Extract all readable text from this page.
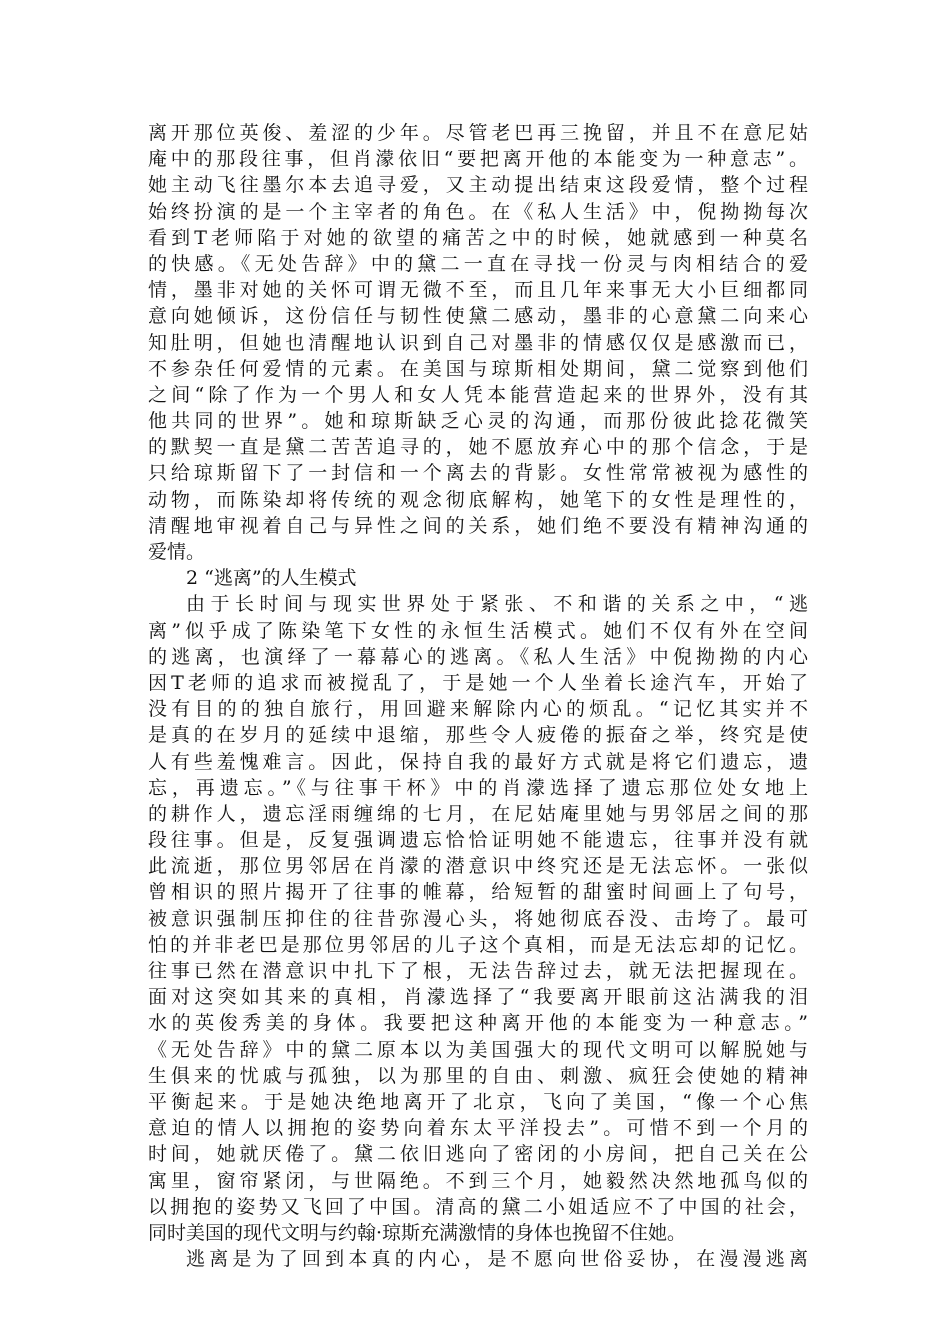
离开那位英俊、羞涩的少年。尽管老巴再三挽留，并且不在意尼姑
庵中的那段往事，但肖濛依旧“要把离开他的本能变为一种意志”。
她主动飞往墨尔本去追寻爱，又主动提出结束这段爱情，整个过程
始终扮演的是一个主宰者的角色。在《私人生活》中，倪拗拗每次
看到T老师陷于对她的欲望的痛苦之中的时候，她就感到一种莫名
的快感。《无处告辞》中的黛二一直在寻找一份灵与肉相结合的爱
情，墨非对她的关怀可谓无微不至，而且几年来事无大小巨细都同
意向她倾诉，这份信任与韧性使黛二感动，墨非的心意黛二向来心
知肚明，但她也清醒地认识到自己对墨非的情感仅仅是感激而已，
不参杂任何爱情的元素。在美国与琼斯相处期间，黛二觉察到他们
之间“除了作为一个男人和女人凭本能营造起来的世界外，没有其
他共同的世界”。她和琼斯缺乏心灵的沟通，而那份彼此捻花微笑
的默契一直是黛二苦苦追寻的，她不愿放弃心中的那个信念，于是
只给琼斯留下了一封信和一个离去的背影。女性常常被视为感性的
动物，而陈染却将传统的观念彻底解构，她笔下的女性是理性的，
清醒地审视着自己与异性之间的关系，她们绝不要没有精神沟通的
爱情。
2 “逃离”的人生模式
由于长时间与现实世界处于紧张、不和谐的关系之中，“逃
离”似乎成了陈染笔下女性的永恒生活模式。她们不仅有外在空间
的逃离，也演绎了一幕幕心的逃离。《私人生活》中倪拗拗的内心
因T老师的追求而被搅乱了，于是她一个人坐着长途汽车，开始了
没有目的的独自旅行，用回避来解除内心的烦乱。“记忆其实并不
是真的在岁月的延续中退缩，那些令人疲倦的振奋之举，终究是使
人有些羞愧难言。因此，保持自我的最好方式就是将它们遗忘，遗
忘，再遗忘。”《与往事干杯》中的肖濛选择了遗忘那位处女地上
的耕作人，遗忘淫雨缠绵的七月，在尼姑庵里她与男邻居之间的那
段往事。但是，反复强调遗忘恰恰证明她不能遗忘，往事并没有就
此流逝，那位男邻居在肖濛的潜意识中终究还是无法忘怀。一张似
曾相识的照片揭开了往事的帷幕，给短暂的甜蜜时间画上了句号，
被意识强制压抑住的往昔弥漫心头，将她彻底吞没、击垮了。最可
怕的并非老巴是那位男邻居的儿子这个真相，而是无法忘却的记忆。
往事已然在潜意识中扎下了根，无法告辞过去，就无法把握现在。
面对这突如其来的真相，肖濛选择了“我要离开眼前这沾满我的泪
水的英俊秀美的身体。我要把这种离开他的本能变为一种意志。”
《无处告辞》中的黛二原本以为美国强大的现代文明可以解脱她与
生俱来的忧戚与孤独，以为那里的自由、刺激、疯狂会使她的精神
平衡起来。于是她决绝地离开了北京，飞向了美国，“像一个心焦
意迫的情人以拥抱的姿势向着东太平洋投去”。可惜不到一个月的
时间，她就厌倦了。黛二依旧逃向了密闭的小房间，把自己关在公
寓里，窗帘紧闭，与世隔绝。不到三个月，她毅然决然地孤鸟似的
以拥抱的姿势又飞回了中国。清高的黛二小姐适应不了中国的社会，
同时美国的现代文明与约翰·琼斯充满激情的身体也挽留不住她。
逃离是为了回到本真的内心，是不愿向世俗妥协，在漫漫逃离
